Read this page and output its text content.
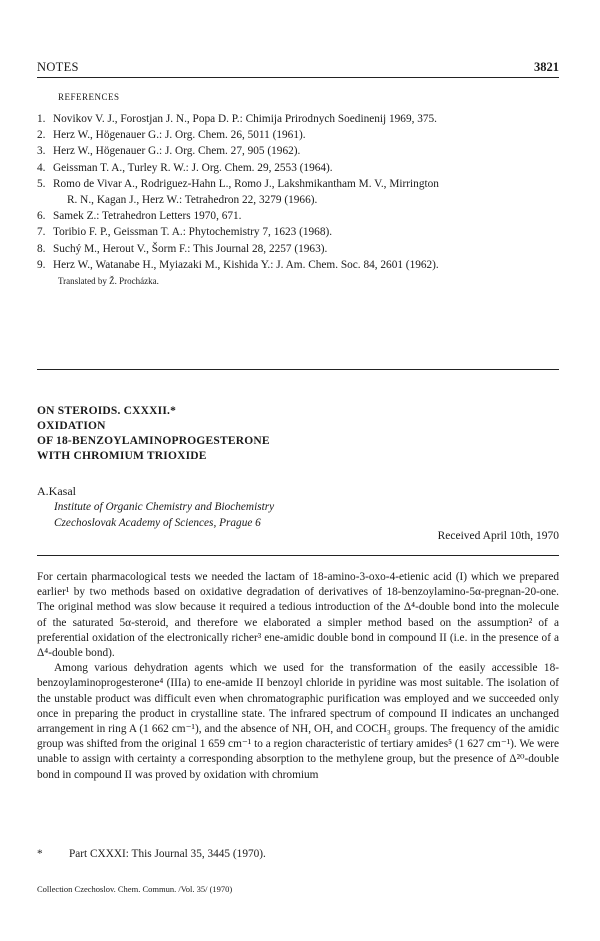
NOTES	3821
REFERENCES
1. Novikov V. J., Forostjan J. N., Popa D. P.: Chimija Prirodnych Soedinenij 1969, 375.
2. Herz W., Högenauer G.: J. Org. Chem. 26, 5011 (1961).
3. Herz W., Högenauer G.: J. Org. Chem. 27, 905 (1962).
4. Geissman T. A., Turley R. W.: J. Org. Chem. 29, 2553 (1964).
5. Romo de Vivar A., Rodriguez-Hahn L., Romo J., Lakshmikantham M. V., Mirrington
R. N., Kagan J., Herz W.: Tetrahedron 22, 3279 (1966).
6. Samek Z.: Tetrahedron Letters 1970, 671.
7. Toribio F. P., Geissman T. A.: Phytochemistry 7, 1623 (1968).
8. Suchý M., Herout V., Šorm F.: This Journal 28, 2257 (1963).
9. Herz W., Watanabe H., Myiazaki M., Kishida Y.: J. Am. Chem. Soc. 84, 2601 (1962).
Translated by Ž. Procházka.
ON STEROIDS. CXXXII.*
OXIDATION
OF 18-BENZOYLAMINOPROGESTERONE
WITH CHROMIUM TRIOXIDE
A.Kasal
Institute of Organic Chemistry and Biochemistry
Czechoslovak Academy of Sciences, Prague 6
Received April 10th, 1970

For certain pharmacological tests we needed the lactam of 18-amino-3-oxo-4-etienic acid (I) which we prepared earlier¹ by two methods based on oxidative degradation of derivatives of 18-benzoylamino-5α-pregnan-20-one. The original method was slow because it required a tedious introduction of the Δ⁴-double bond into the molecule of the saturated 5α-steroid, and therefore we elaborated a simpler method based on the assumption² of a preferential oxidation of the electronically richer³ ene-amidic double bond in compound II (i.e. in the presence of a Δ⁴-double bond).

Among various dehydration agents which we used for the transformation of the easily accessible 18-benzoylaminoprogesterone⁴ (IIIa) to ene-amide II benzoyl chloride in pyridine was most suitable. The isolation of the unstable product was difficult even when chromatographic purification was employed and we succeeded only once in preparing the product in crystalline state. The infrared spectrum of compound II indicates an unchanged arrangement in ring A (1 662 cm⁻¹), and the absence of NH, OH, and COCH₃ groups. The frequency of the amidic group was shifted from the original 1 659 cm⁻¹ to a region characteristic of tertiary amides⁵ (1 627 cm⁻¹). We were unable to assign with certainty a corresponding absorption to the methylene group, but the presence of Δ²⁰-double bond in compound II was proved by oxidation with chromium

* Part CXXXI: This Journal 35, 3445 (1970).
Collection Czechoslov. Chem. Commun. /Vol. 35/ (1970)
